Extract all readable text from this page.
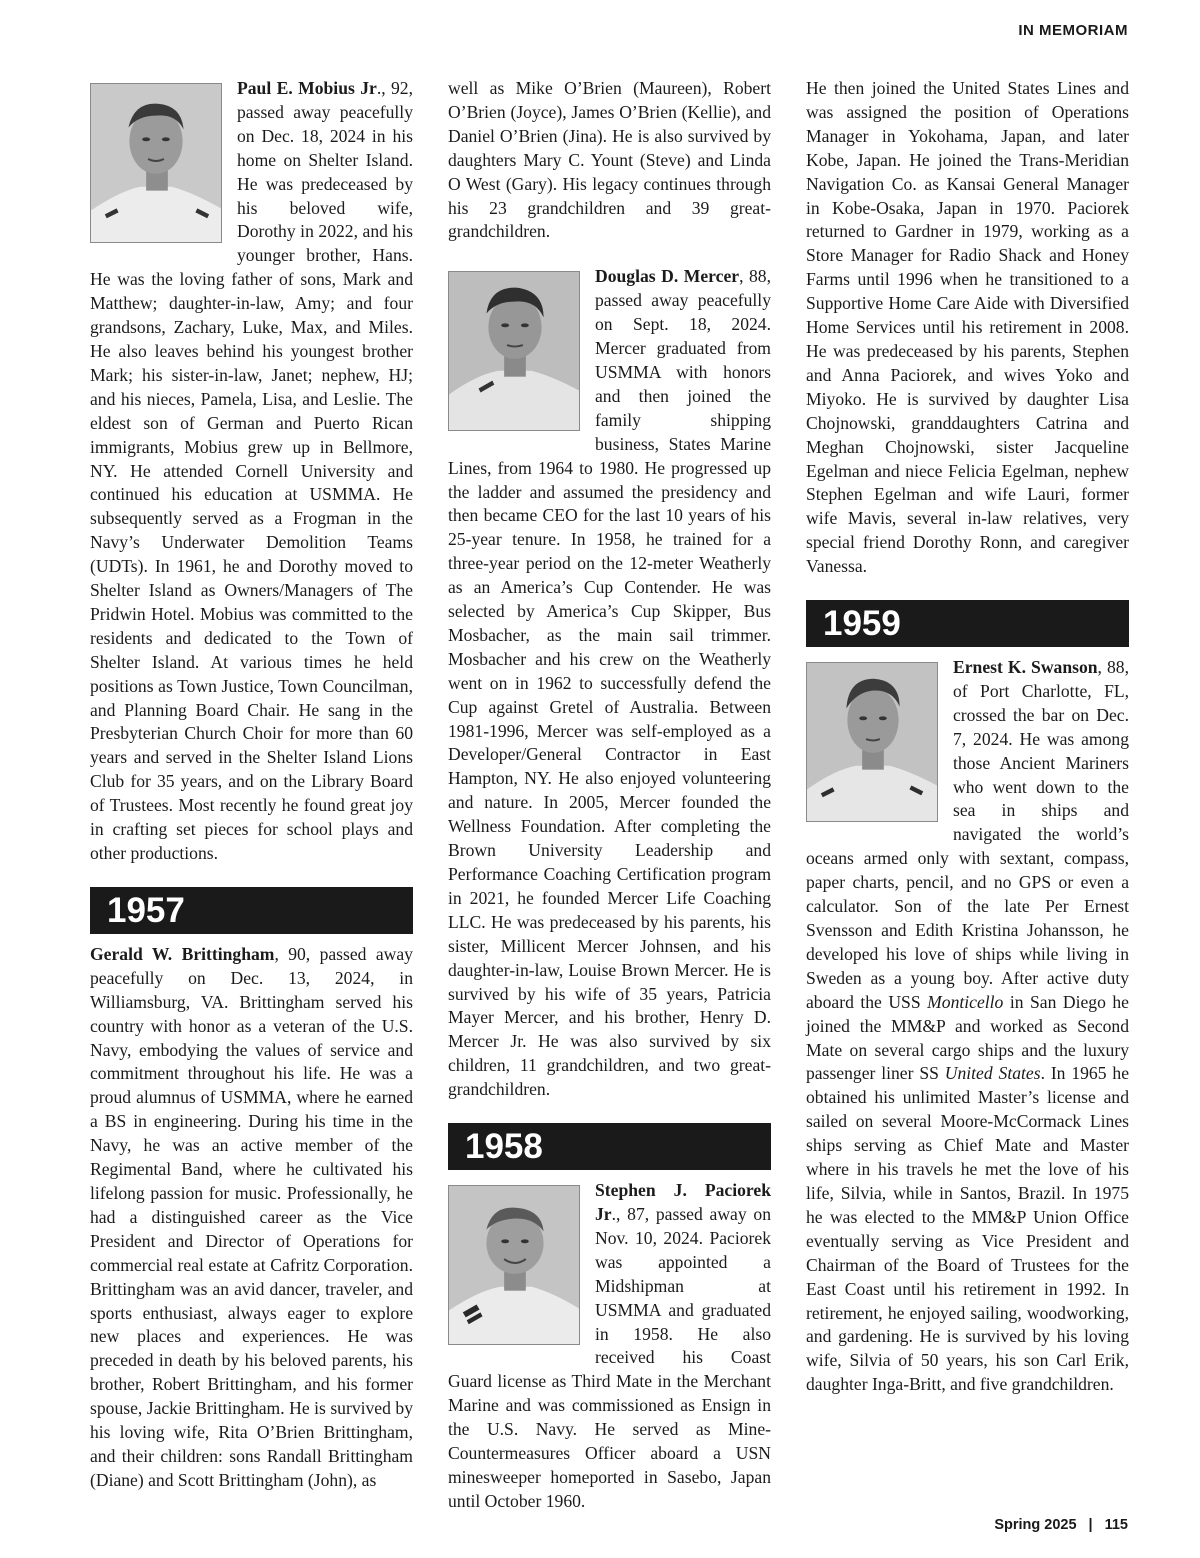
IN MEMORIAM

Paul E. Mobius Jr., 92, passed away peacefully on Dec. 18, 2024 in his home on Shelter Island. He was predeceased by his beloved wife, Dorothy in 2022, and his younger brother, Hans. He was the loving father of sons, Mark and Matthew; daughter-in-law, Amy; and four grandsons, Zachary, Luke, Max, and Miles. He also leaves behind his youngest brother Mark; his sister-in-law, Janet; nephew, HJ; and his nieces, Pamela, Lisa, and Leslie. The eldest son of German and Puerto Rican immigrants, Mobius grew up in Bellmore, NY. He attended Cornell University and continued his education at USMMA. He subsequently served as a Frogman in the Navy’s Underwater Demolition Teams (UDTs). In 1961, he and Dorothy moved to Shelter Island as Owners/Managers of The Pridwin Hotel. Mobius was committed to the residents and dedicated to the Town of Shelter Island. At various times he held positions as Town Justice, Town Councilman, and Planning Board Chair. He sang in the Presbyterian Church Choir for more than 60 years and served in the Shelter Island Lions Club for 35 years, and on the Library Board of Trustees. Most recently he found great joy in crafting set pieces for school plays and other productions.

1957

Gerald W. Brittingham, 90, passed away peacefully on Dec. 13, 2024, in Williamsburg, VA. Brittingham served his country with honor as a veteran of the U.S. Navy, embodying the values of service and commitment throughout his life. He was a proud alumnus of USMMA, where he earned a BS in engineering. During his time in the Navy, he was an active member of the Regimental Band, where he cultivated his lifelong passion for music. Professionally, he had a distinguished career as the Vice President and Director of Operations for commercial real estate at Cafritz Corporation. Brittingham was an avid dancer, traveler, and sports enthusiast, always eager to explore new places and experiences. He was preceded in death by his beloved parents, his brother, Robert Brittingham, and his former spouse, Jackie Brittingham. He is survived by his loving wife, Rita O’Brien Brittingham, and their children: sons Randall Brittingham (Diane) and Scott Brittingham (John), as

well as Mike O’Brien (Maureen), Robert O’Brien (Joyce), James O’Brien (Kellie), and Daniel O’Brien (Jina). He is also survived by daughters Mary C. Yount (Steve) and Linda O West (Gary). His legacy continues through his 23 grandchildren and 39 great-grandchildren.

Douglas D. Mercer, 88, passed away peacefully on Sept. 18, 2024. Mercer graduated from USMMA with honors and then joined the family shipping business, States Marine Lines, from 1964 to 1980. He progressed up the ladder and assumed the presidency and then became CEO for the last 10 years of his 25-year tenure. In 1958, he trained for a three-year period on the 12-meter Weatherly as an America’s Cup Contender. He was selected by America’s Cup Skipper, Bus Mosbacher, as the main sail trimmer. Mosbacher and his crew on the Weatherly went on in 1962 to successfully defend the Cup against Gretel of Australia. Between 1981-1996, Mercer was self-employed as a Developer/General Contractor in East Hampton, NY. He also enjoyed volunteering and nature. In 2005, Mercer founded the Wellness Foundation. After completing the Brown University Leadership and Performance Coaching Certification program in 2021, he founded Mercer Life Coaching LLC. He was predeceased by his parents, his sister, Millicent Mercer Johnsen, and his daughter-in-law, Louise Brown Mercer. He is survived by his wife of 35 years, Patricia Mayer Mercer, and his brother, Henry D. Mercer Jr. He was also survived by six children, 11 grandchildren, and two great-grandchildren.

1958

Stephen J. Paciorek Jr., 87, passed away on Nov. 10, 2024. Paciorek was appointed a Midshipman at USMMA and graduated in 1958. He also received his Coast Guard license as Third Mate in the Merchant Marine and was commissioned as Ensign in the U.S. Navy. He served as Mine-Countermeasures Officer aboard a USN minesweeper homeported in Sasebo, Japan until October 1960.

He then joined the United States Lines and was assigned the position of Operations Manager in Yokohama, Japan, and later Kobe, Japan. He joined the Trans-Meridian Navigation Co. as Kansai General Manager in Kobe-Osaka, Japan in 1970. Paciorek returned to Gardner in 1979, working as a Store Manager for Radio Shack and Honey Farms until 1996 when he transitioned to a Supportive Home Care Aide with Diversified Home Services until his retirement in 2008. He was predeceased by his parents, Stephen and Anna Paciorek, and wives Yoko and Miyoko. He is survived by daughter Lisa Chojnowski, granddaughters Catrina and Meghan Chojnowski, sister Jacqueline Egelman and niece Felicia Egelman, nephew Stephen Egelman and wife Lauri, former wife Mavis, several in-law relatives, very special friend Dorothy Ronn, and caregiver Vanessa.

1959

Ernest K. Swanson, 88, of Port Charlotte, FL, crossed the bar on Dec. 7, 2024. He was among those Ancient Mariners who went down to the sea in ships and navigated the world’s oceans armed only with sextant, compass, paper charts, pencil, and no GPS or even a calculator. Son of the late Per Ernest Svensson and Edith Kristina Johansson, he developed his love of ships while living in Sweden as a young boy. After active duty aboard the USS Monticello in San Diego he joined the MM&P and worked as Second Mate on several cargo ships and the luxury passenger liner SS United States. In 1965 he obtained his unlimited Master’s license and sailed on several Moore-McCormack Lines ships serving as Chief Mate and Master where in his travels he met the love of his life, Silvia, while in Santos, Brazil. In 1975 he was elected to the MM&P Union Office eventually serving as Vice President and Chairman of the Board of Trustees for the East Coast until his retirement in 1992. In retirement, he enjoyed sailing, woodworking, and gardening. He is survived by his loving wife, Silvia of 50 years, his son Carl Erik, daughter Inga-Britt, and five grandchildren.

Spring 2025 | 115
